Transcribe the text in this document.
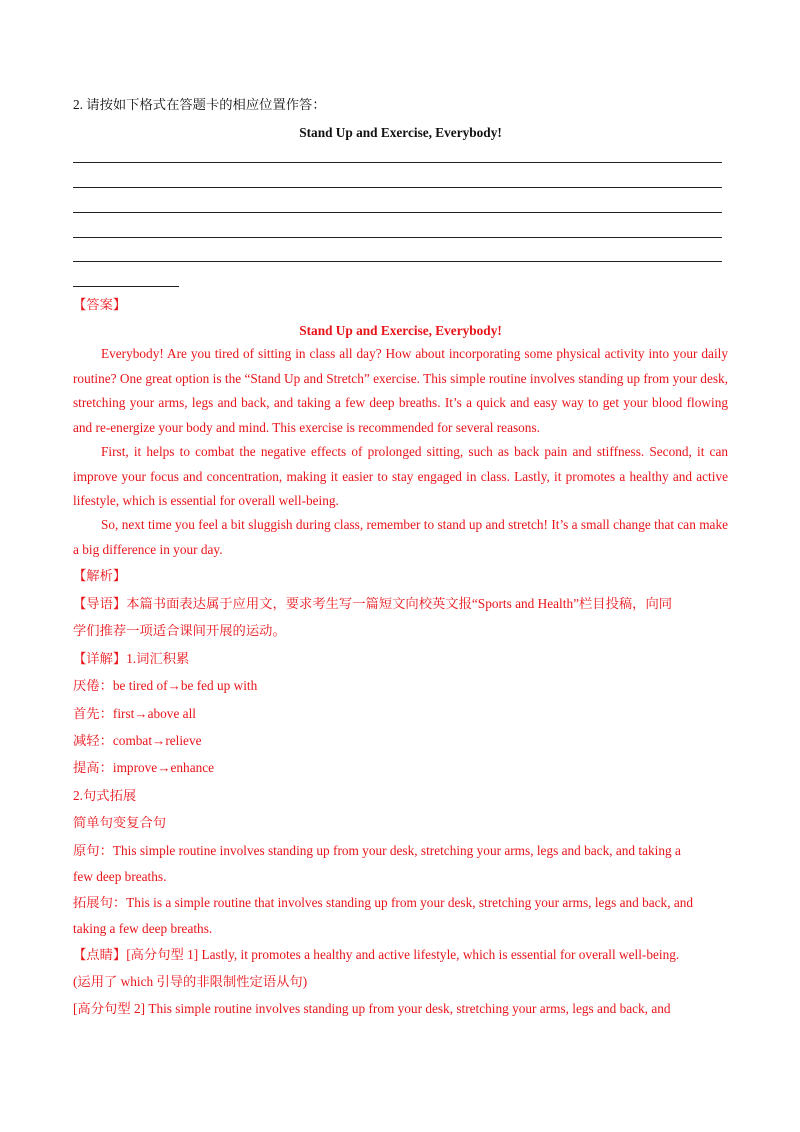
2. 请按如下格式在答题卡的相应位置作答：
Stand Up and Exercise, Everybody!
【答案】
Stand Up and Exercise, Everybody!
Everybody! Are you tired of sitting in class all day? How about incorporating some physical activity into your daily routine? One great option is the “Stand Up and Stretch” exercise. This simple routine involves standing up from your desk, stretching your arms, legs and back, and taking a few deep breaths. It’s a quick and easy way to get your blood flowing and re-energize your body and mind. This exercise is recommended for several reasons.
First, it helps to combat the negative effects of prolonged sitting, such as back pain and stiffness. Second, it can improve your focus and concentration, making it easier to stay engaged in class. Lastly, it promotes a healthy and active lifestyle, which is essential for overall well-being.
So, next time you feel a bit sluggish during class, remember to stand up and stretch! It’s a small change that can make a big difference in your day.
【解析】
【导语】本篇书面表达属于应用文，要求考生写一篇短文向校英文报“Sports and Health”栏目投稿，向同
学们推荐一项适合课间开展的运动。
【详解】1.词汇积累
厌倦：be tired of→be fed up with
首先：first→above all
减轻：combat→relieve
提高：improve→enhance
2.句式拓展
简单句变复合句
原句：This simple routine involves standing up from your desk, stretching your arms, legs and back, and taking a
few deep breaths.
拓展句：This is a simple routine that involves standing up from your desk, stretching your arms, legs and back, and
taking a few deep breaths.
【点睛】[高分句型 1] Lastly, it promotes a healthy and active lifestyle, which is essential for overall well-being.
(运用了 which 引导的非限制性定语从句)
[高分句型 2] This simple routine involves standing up from your desk, stretching your arms, legs and back, and
